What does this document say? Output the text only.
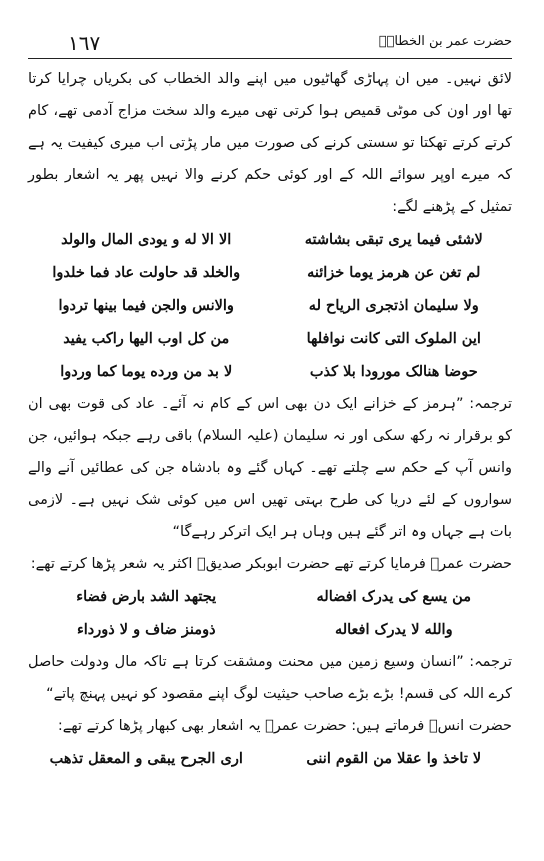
حضرت عمر بن الخطابؓ
١٦٧

لائق نہیں۔ میں ان پہاڑی گھاٹیوں میں اپنے والد الخطاب کی بکریاں چرایا کرتا تھا اور اون کی موٹی قمیص ہوا کرتی تھی میرے والد سخت مزاج آدمی تھے، کام کرتے کرتے تھکتا تو سستی کرنے کی صورت میں مار پڑتی اب میری کیفیت یہ ہے کہ میرے اوپر سوائے اللہ کے اور کوئی حکم کرنے والا نہیں پھر یہ اشعار بطور تمثیل کے پڑھنے لگے:

لاشئی فیما یری تبقی بشاشته
الا الا له و یودی المال والولد
لم تغن عن هرمز یوما خزائنه
والخلد قد حاولت عاد فما خلدوا
ولا سلیمان اذتجری الریاح له
والانس والجن فیما بینها تردوا
این الملوک التی کانت نوافلها
من کل اوب الیها راکب یفید
حوضا هنالک مورودا بلا کذب
لا بد من ورده یوما کما وردوا

ترجمہ: ”ہرمز کے خزانے ایک دن بھی اس کے کام نہ آئے۔ عاد کی قوت بھی ان کو برقرار نہ رکھ سکی اور نہ سلیمان (علیہ السلام) باقی رہے جبکہ ہوائیں، جن وانس آپ کے حکم سے چلتے تھے۔ کہاں گئے وہ بادشاہ جن کی عطائیں آنے والے سواروں کے لئے دریا کی طرح بہتی تھیں اس میں کوئی شک نہیں ہے۔ لازمی بات ہے جہاں وہ اتر گئے ہیں وہاں ہر ایک اترکر رہےگا“

حضرت عمرؓ فرمایا کرتے تھے حضرت ابوبکر صدیقؓ اکثر یہ شعر پڑھا کرتے تھے:

من یسع کی یدرک افضاله
یجتهد الشد بارض فضاء
والله لا یدرک افعاله
ذومنز ضاف و لا ذورداء

ترجمہ: ”انسان وسیع زمین میں محنت ومشقت کرتا ہے تاکہ مال ودولت حاصل کرے اللہ کی قسم! بڑے بڑے صاحب حیثیت لوگ اپنے مقصود کو نہیں پہنچ پاتے“

حضرت انسؓ فرماتے ہیں: حضرت عمرؓ یہ اشعار بھی کبھار پڑھا کرتے تھے:

لا تاخذ وا عقلا من القوم اننی
اری الجرح یبقی و المعقل تذهب
